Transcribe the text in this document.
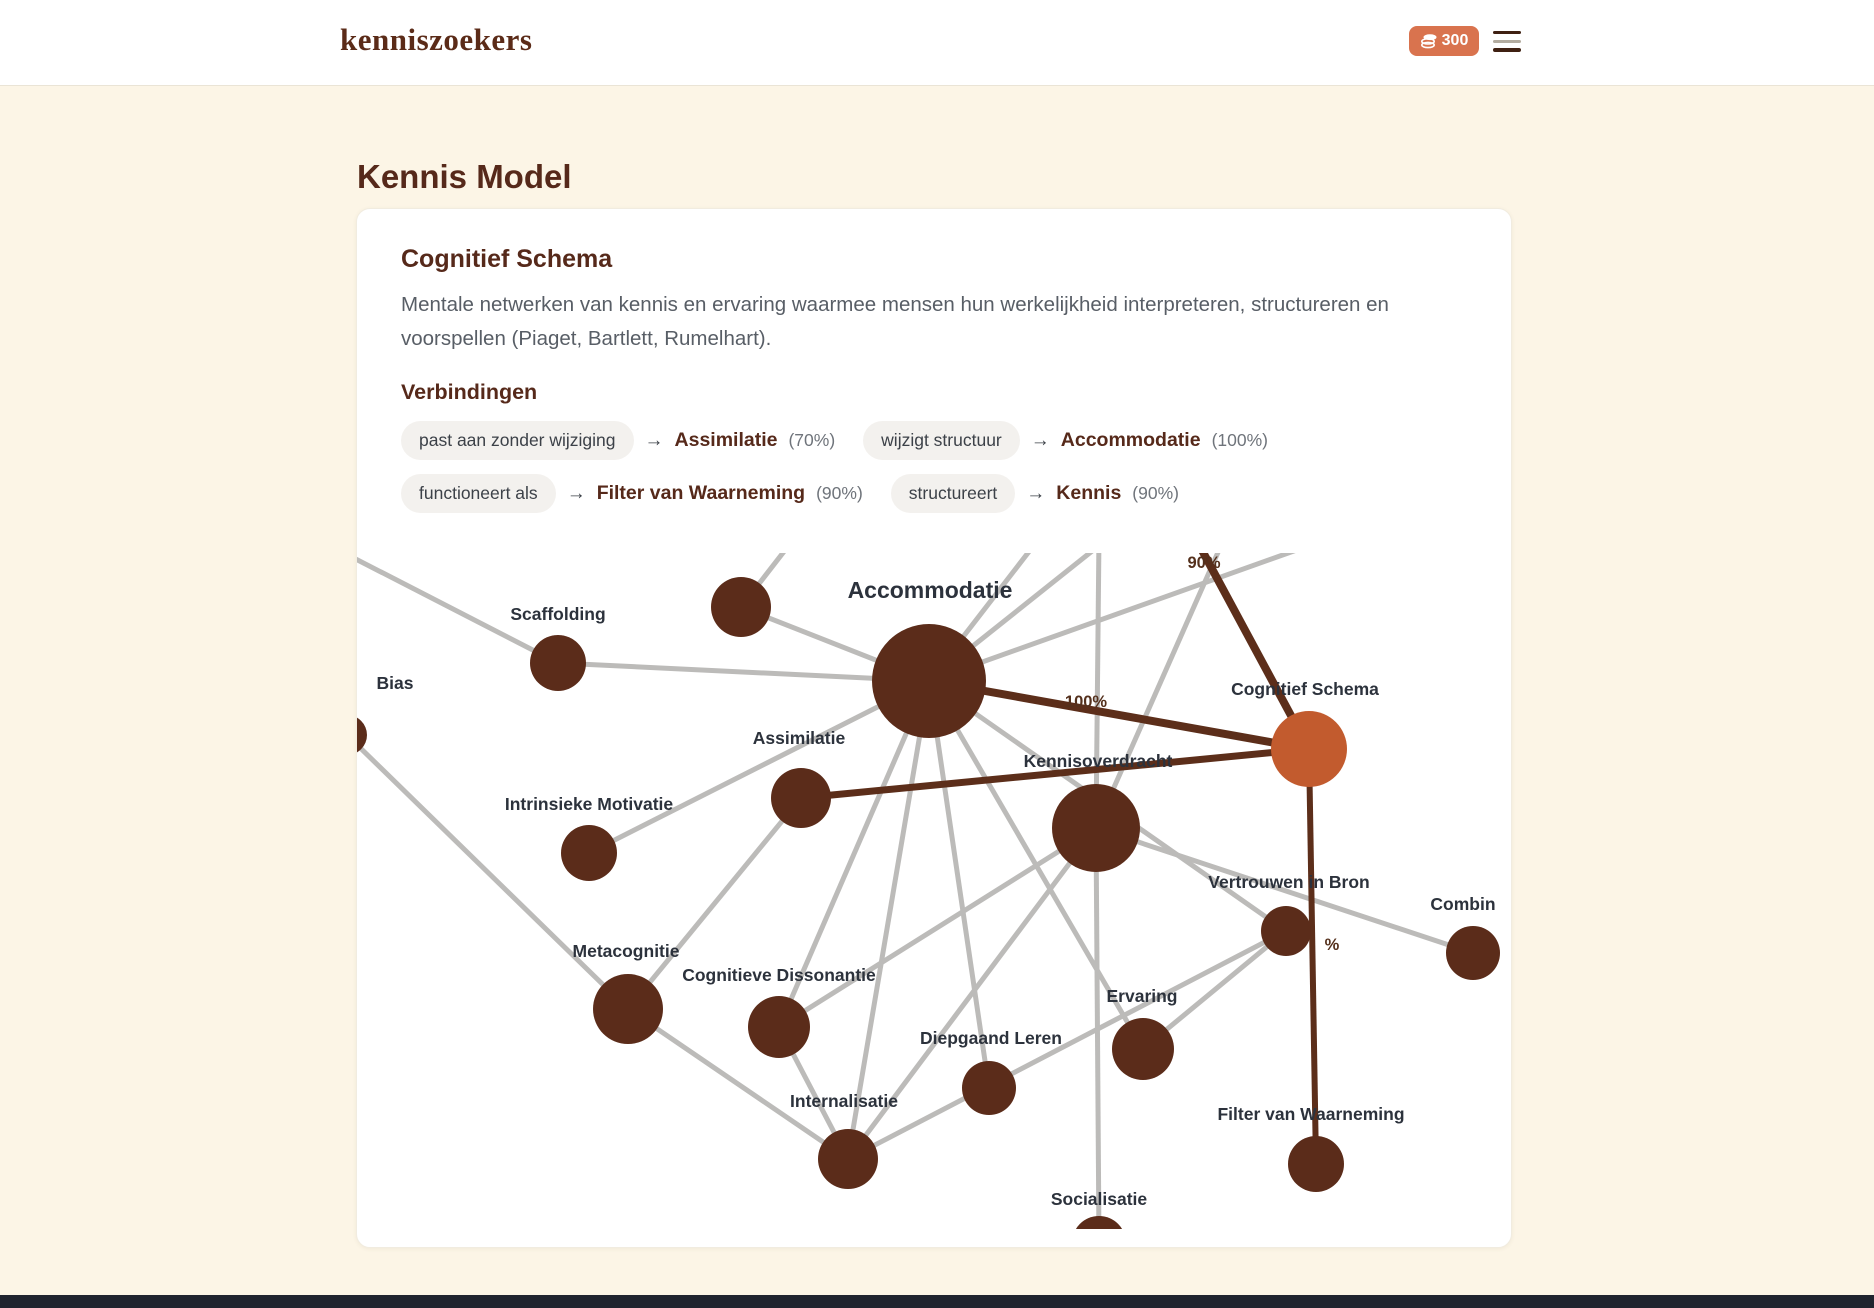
kenniszoekers	300
Kennis Model
Cognitief Schema

Mentale netwerken van kennis en ervaring waarmee mensen hun werkelijkheid interpreteren, structureren en voorspellen (Piaget, Bartlett, Rumelhart).

Verbindingen
past aan zonder wijziging	→ Assimilatie (70%)	wijzigt structuur	→ Accommodatie (100%)
functioneert als	→ Filter van Waarneming (90%)	structureert	→ Kennis (90%)
Scaffolding
Bias
Accommodatie
Assimilatie
Intrinsieke Motivatie
Cognitief Schema
Kennisoverdracht
Vertrouwen in Bron
Combin
Metacognitie
Cognitieve Dissonantie
Ervaring
Diepgaand Leren
Internalisatie
Filter van Waarneming
Socialisatie
100%
90%
%
